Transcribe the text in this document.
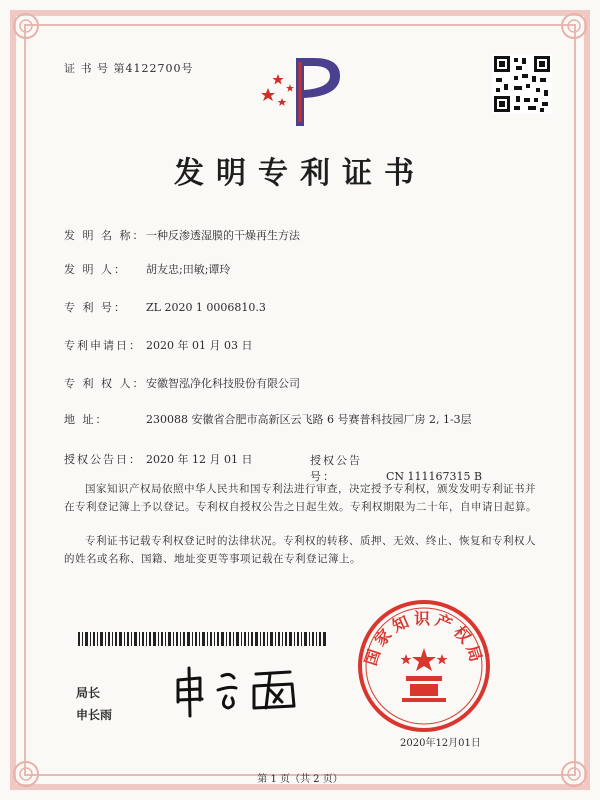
证 书 号 第4122700号
发明专利证书
发 明 名 称：一种反渗透湿膜的干燥再生方法
发 明 人： 胡友忠;田敏;谭玲
专 利 号： ZL 2020 1 0006810.3
专利申请日： 2020 年 01 月 03 日
专 利 权 人：安徽智泓净化科技股份有限公司
地 址：	230088 安徽省合肥市高新区云飞路 6 号赛普科技园厂房 2, 1-3层
授权公告日： 2020 年 12 月 01 日	授权公告号：	CN 111167315 B
国家知识产权局依照中华人民共和国专利法进行审查，决定授予专利权，颁发发明专利证书并在专利登记簿上予以登记。专利权自授权公告之日起生效。专利权期限为二十年，自申请日起算。
专利证书记载专利权登记时的法律状况。专利权的转移、质押、无效、终止、恢复和专利权人的姓名或名称、国籍、地址变更等事项记载在专利登记簿上。
局长
申长雨
国家知识产权局
2020年12月01日
第 1 页（共 2 页）
